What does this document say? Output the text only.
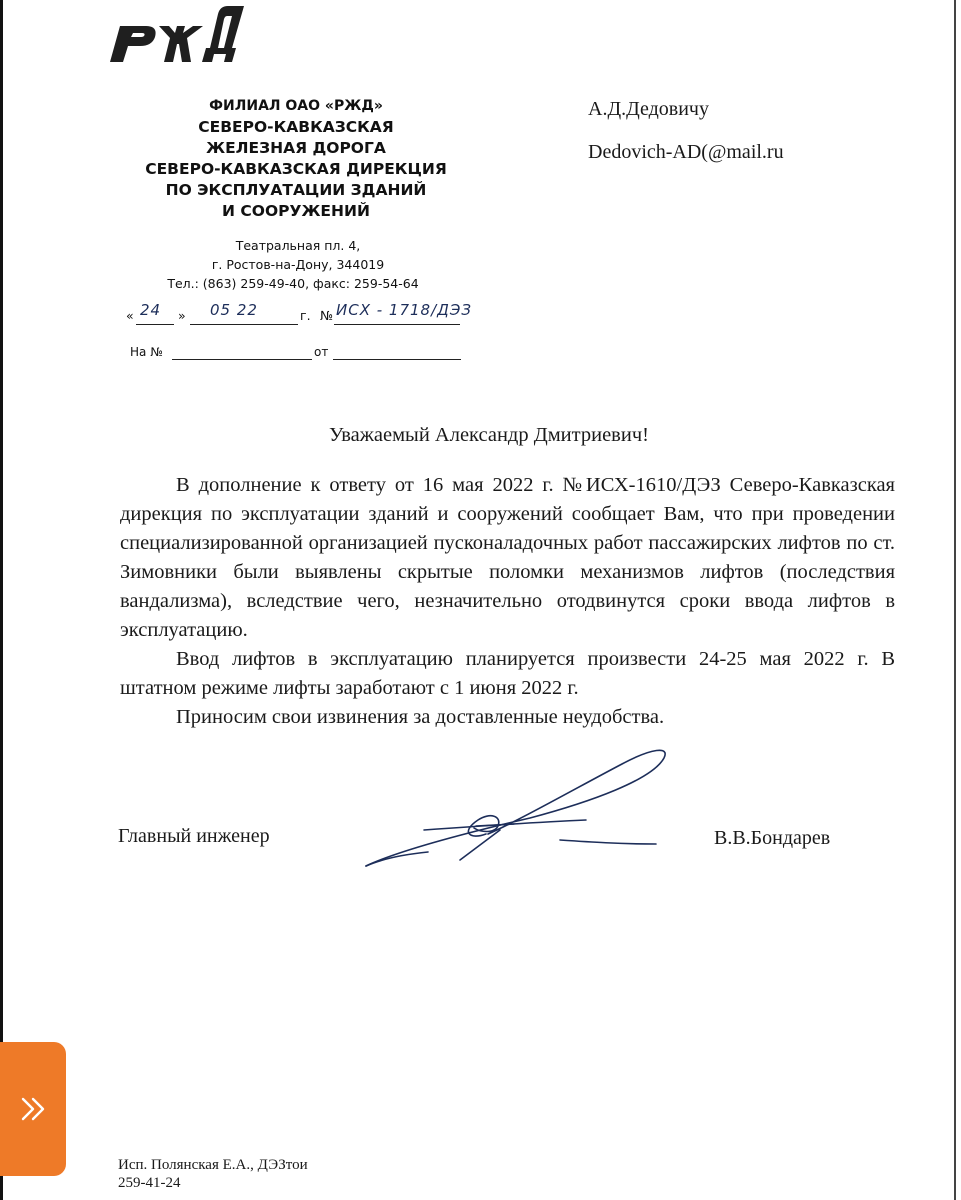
ФИЛИАЛ ОАО «РЖД»
СЕВЕРО-КАВКАЗСКАЯ
ЖЕЛЕЗНАЯ ДОРОГА
СЕВЕРО-КАВКАЗСКАЯ ДИРЕКЦИЯ
ПО ЭКСПЛУАТАЦИИ ЗДАНИЙ
И СООРУЖЕНИЙ
Театральная пл. 4,
г. Ростов-на-Дону, 344019
Тел.: (863) 259-49-40, факс: 259-54-64
А.Д.Дедовичу
Dedovich-AD(@mail.ru
« 24 » 05 22	г. № ИСХ - 1718/ДЭЗ
На №	от
Уважаемый Александр Дмитриевич!

В дополнение к ответу от 16 мая 2022 г. №ИСХ-1610/ДЭЗ Северо-Кавказская дирекция по эксплуатации зданий и сооружений сообщает Вам, что при проведении специализированной организацией пусконаладочных работ пассажирских лифтов по ст. Зимовники были выявлены скрытые поломки механизмов лифтов (последствия вандализма), вследствие чего, незначительно отодвинутся сроки ввода лифтов в эксплуатацию.

Ввод лифтов в эксплуатацию планируется произвести 24-25 мая 2022 г. В штатном режиме лифты заработают с 1 июня 2022 г.

Приносим свои извинения за доставленные неудобства.

Главный инженер	В.В.Бондарев
Исп. Полянская Е.А., ДЭЗтои
259-41-24
